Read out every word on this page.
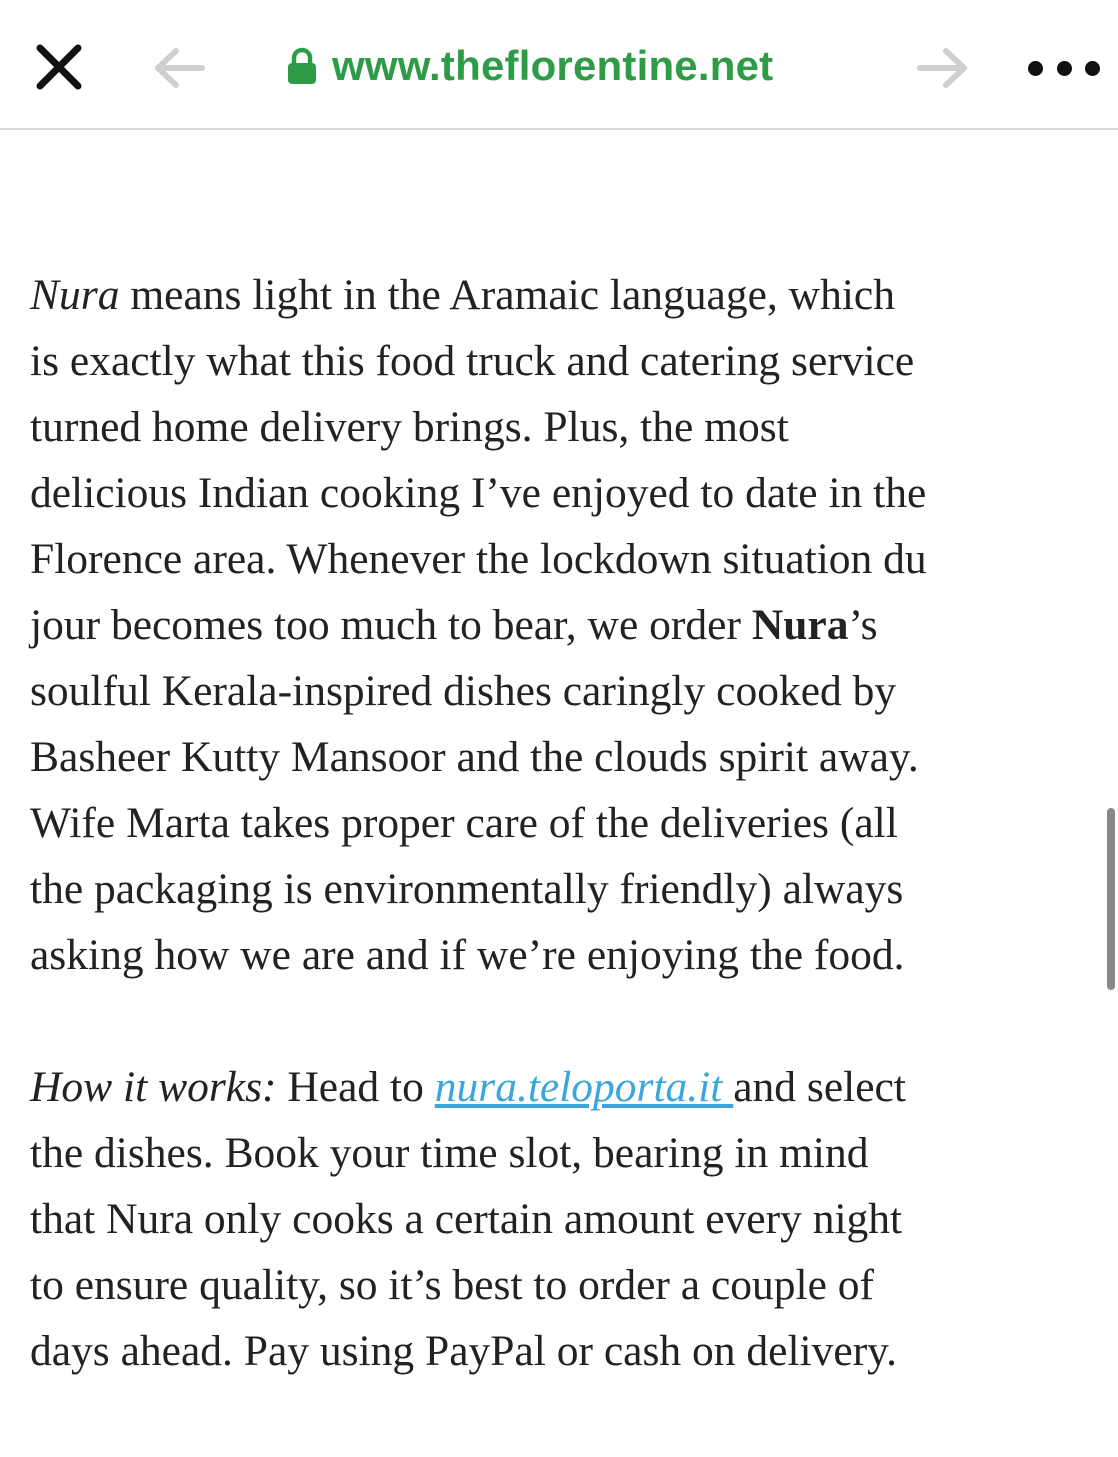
www.theflorentine.net

Nura means light in the Aramaic language, which
is exactly what this food truck and catering service
turned home delivery brings. Plus, the most
delicious Indian cooking I’ve enjoyed to date in the
Florence area. Whenever the lockdown situation du
jour becomes too much to bear, we order Nura’s
soulful Kerala-inspired dishes caringly cooked by
Basheer Kutty Mansoor and the clouds spirit away.
Wife Marta takes proper care of the deliveries (all
the packaging is environmentally friendly) always
asking how we are and if we’re enjoying the food.

How it works: Head to nura.teloporta.it and select
the dishes. Book your time slot, bearing in mind
that Nura only cooks a certain amount every night
to ensure quality, so it’s best to order a couple of
days ahead. Pay using PayPal or cash on delivery.
